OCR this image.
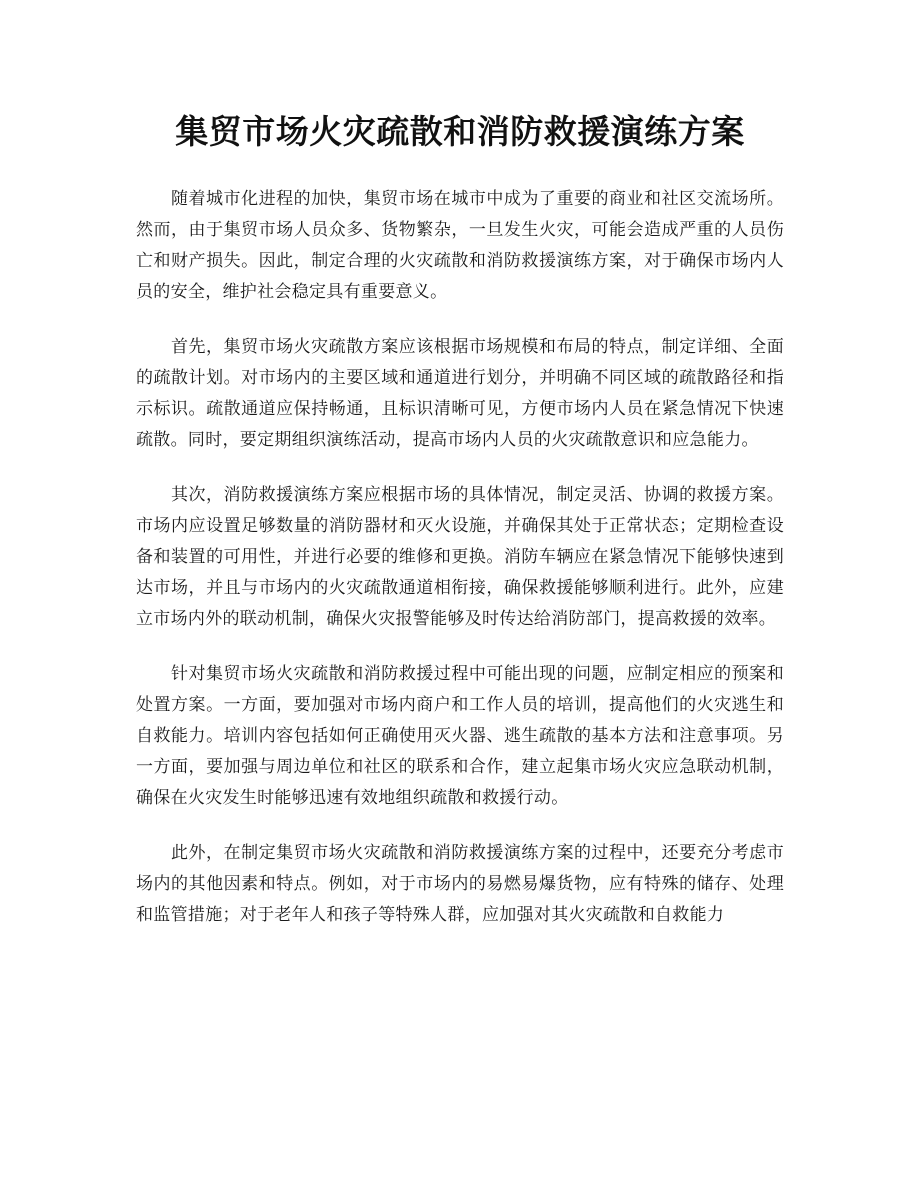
集贸市场火灾疏散和消防救援演练方案

随着城市化进程的加快，集贸市场在城市中成为了重要的商业和社区交流场所。然而，由于集贸市场人员众多、货物繁杂，一旦发生火灾，可能会造成严重的人员伤亡和财产损失。因此，制定合理的火灾疏散和消防救援演练方案，对于确保市场内人员的安全，维护社会稳定具有重要意义。

首先，集贸市场火灾疏散方案应该根据市场规模和布局的特点，制定详细、全面的疏散计划。对市场内的主要区域和通道进行划分，并明确不同区域的疏散路径和指示标识。疏散通道应保持畅通，且标识清晰可见，方便市场内人员在紧急情况下快速疏散。同时，要定期组织演练活动，提高市场内人员的火灾疏散意识和应急能力。

其次，消防救援演练方案应根据市场的具体情况，制定灵活、协调的救援方案。市场内应设置足够数量的消防器材和灭火设施，并确保其处于正常状态；定期检查设备和装置的可用性，并进行必要的维修和更换。消防车辆应在紧急情况下能够快速到达市场，并且与市场内的火灾疏散通道相衔接，确保救援能够顺利进行。此外，应建立市场内外的联动机制，确保火灾报警能够及时传达给消防部门，提高救援的效率。

针对集贸市场火灾疏散和消防救援过程中可能出现的问题，应制定相应的预案和处置方案。一方面，要加强对市场内商户和工作人员的培训，提高他们的火灾逃生和自救能力。培训内容包括如何正确使用灭火器、逃生疏散的基本方法和注意事项。另一方面，要加强与周边单位和社区的联系和合作，建立起集市场火灾应急联动机制，确保在火灾发生时能够迅速有效地组织疏散和救援行动。

此外，在制定集贸市场火灾疏散和消防救援演练方案的过程中，还要充分考虑市场内的其他因素和特点。例如，对于市场内的易燃易爆货物，应有特殊的储存、处理和监管措施；对于老年人和孩子等特殊人群，应加强对其火灾疏散和自救能力
